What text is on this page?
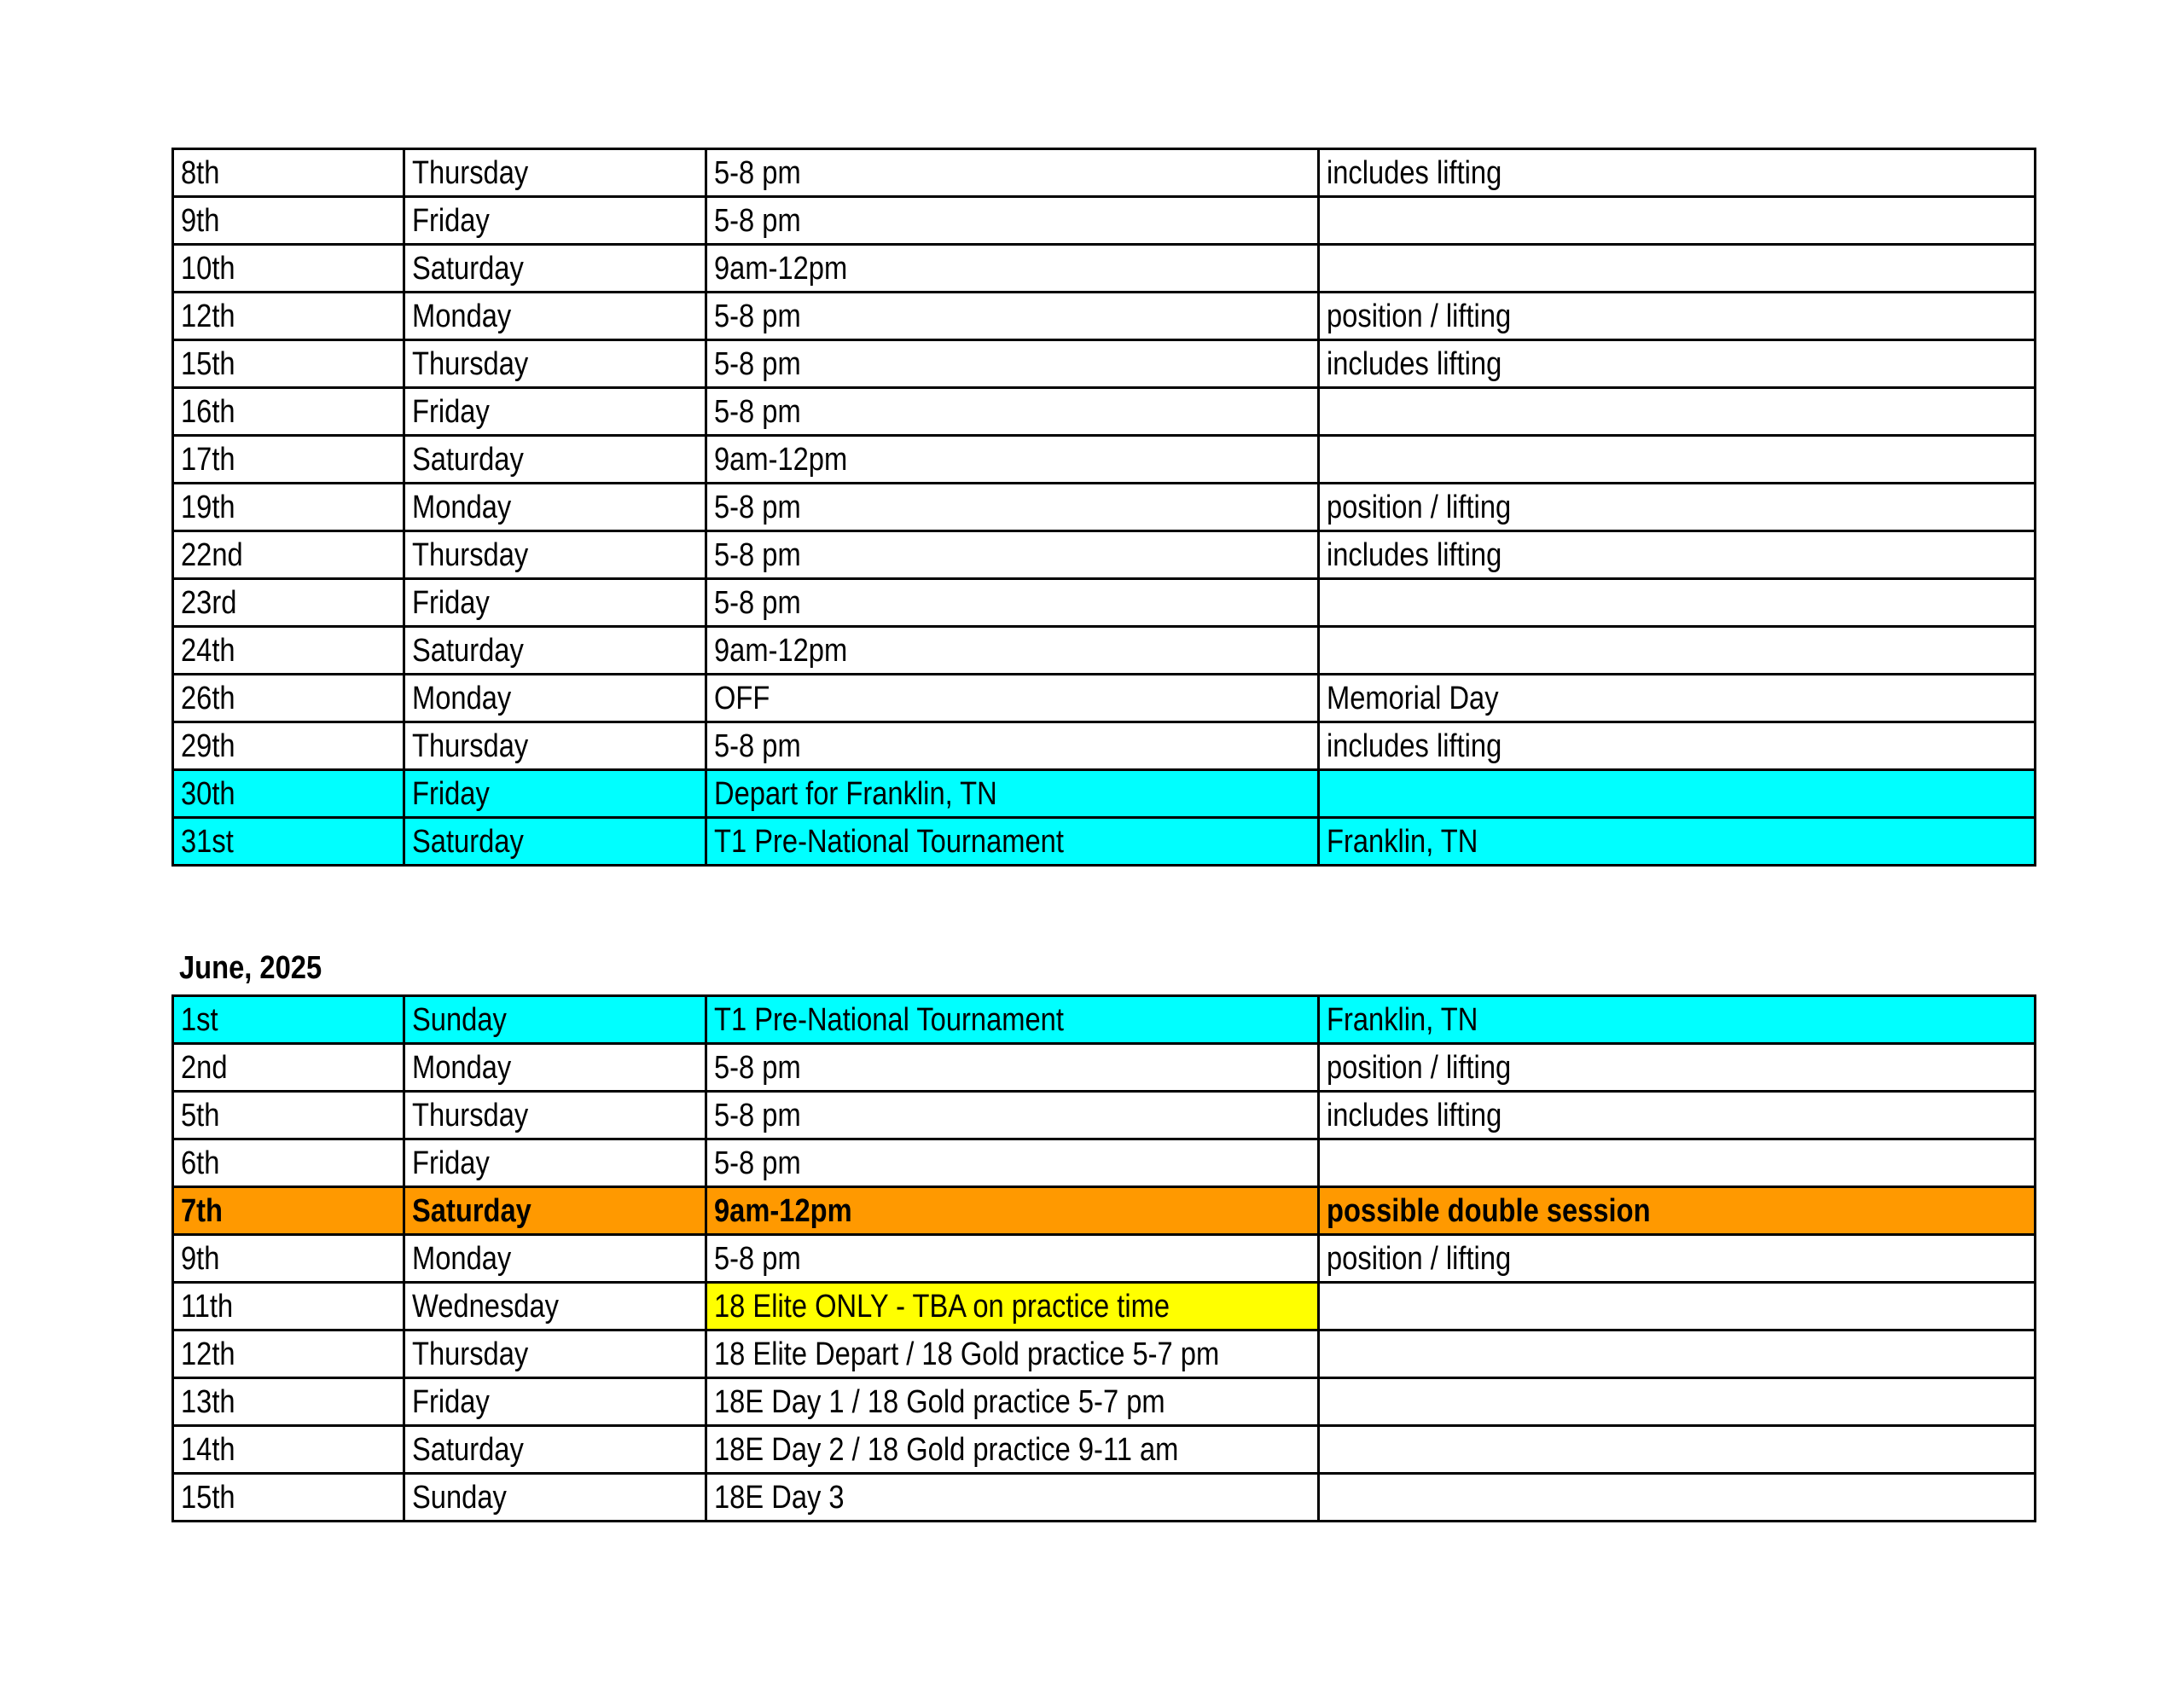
8th	Thursday	5-8 pm	includes lifting
9th	Friday	5-8 pm	
10th	Saturday	9am-12pm	
12th	Monday	5-8 pm	position / lifting
15th	Thursday	5-8 pm	includes lifting
16th	Friday	5-8 pm	
17th	Saturday	9am-12pm	
19th	Monday	5-8 pm	position / lifting
22nd	Thursday	5-8 pm	includes lifting
23rd	Friday	5-8 pm	
24th	Saturday	9am-12pm	
26th	Monday	OFF	Memorial Day
29th	Thursday	5-8 pm	includes lifting
30th	Friday	Depart for Franklin, TN	
31st	Saturday	T1 Pre-National Tournament	Franklin, TN
June, 2025
1st	Sunday	T1 Pre-National Tournament	Franklin, TN
2nd	Monday	5-8 pm	position / lifting
5th	Thursday	5-8 pm	includes lifting
6th	Friday	5-8 pm	
7th	Saturday	9am-12pm	possible double session
9th	Monday	5-8 pm	position / lifting
11th	Wednesday	18 Elite ONLY - TBA on practice time	
12th	Thursday	18 Elite Depart / 18 Gold practice 5-7 pm	
13th	Friday	18E Day 1 / 18 Gold practice 5-7 pm	
14th	Saturday	18E Day 2 / 18 Gold practice 9-11 am	
15th	Sunday	18E Day 3	
